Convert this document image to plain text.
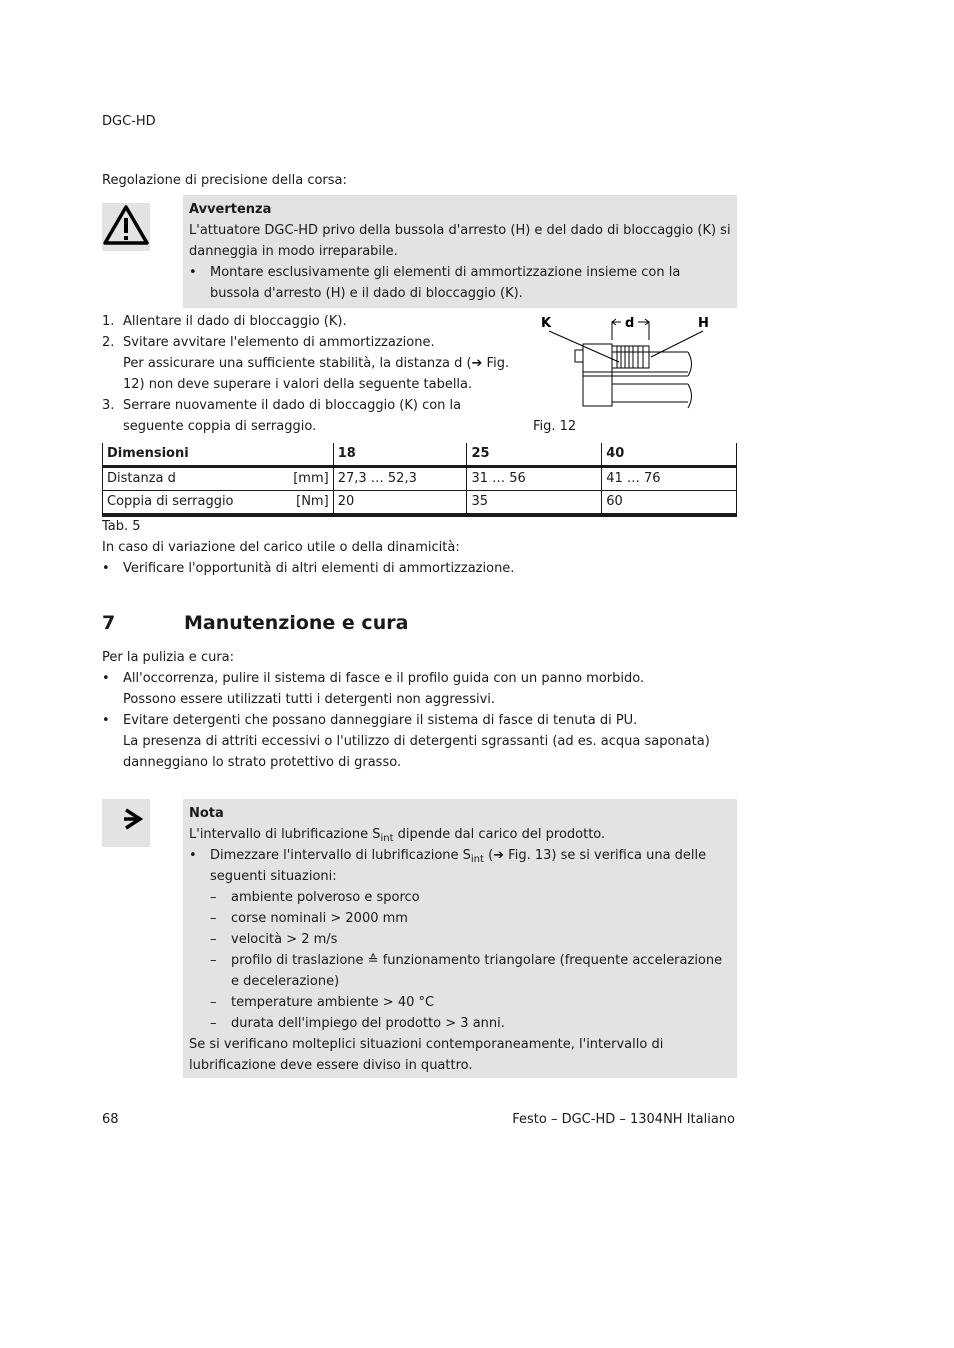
DGC-HD
Regolazione di precisione della corsa:
Avvertenza
L'attuatore DGC-HD privo della bussola d'arresto (H) e del dado di bloccaggio (K) si danneggia in modo irreparabile.
• Montare esclusivamente gli elementi di ammortizzazione insieme con la bussola d'arresto (H) e il dado di bloccaggio (K).
1. Allentare il dado di bloccaggio (K).
2. Svitare avvitare l'elemento di ammortizzazione.
Per assicurare una sufficiente stabilità, la distanza d (➔ Fig. 12) non deve superare i valori della seguente tabella.
3. Serrare nuovamente il dado di bloccaggio (K) con la seguente coppia di serraggio.
K	d	H
Fig. 12
Dimensioni	18	25	40
Distanza d [mm]	27,3 … 52,3	31 … 56	41 … 76
Coppia di serraggio [Nm]	20	35	60
Tab. 5
In caso di variazione del carico utile o della dinamicità:
• Verificare l'opportunità di altri elementi di ammortizzazione.
7	Manutenzione e cura
Per la pulizia e cura:
• All'occorrenza, pulire il sistema di fasce e il profilo guida con un panno morbido.
Possono essere utilizzati tutti i detergenti non aggressivi.
• Evitare detergenti che possano danneggiare il sistema di fasce di tenuta di PU.
La presenza di attriti eccessivi o l'utilizzo di detergenti sgrassanti (ad es. acqua saponata) danneggiano lo strato protettivo di grasso.
Nota
L'intervallo di lubrificazione $S_{int}$ dipende dal carico del prodotto.
• Dimezzare l'intervallo di lubrificazione $S_{int}$ (➔ Fig. 13) se si verifica una delle seguenti situazioni:
– ambiente polveroso e sporco
– corse nominali > 2000 mm
– velocità > 2 m/s
– profilo di traslazione ≙ funzionamento triangolare (frequente accelerazione e decelerazione)
– temperature ambiente > 40 °C
– durata dell'impiego del prodotto > 3 anni.
Se si verificano molteplici situazioni contemporaneamente, l'intervallo di lubrificazione deve essere diviso in quattro.
68	Festo – DGC-HD – 1304NH Italiano
